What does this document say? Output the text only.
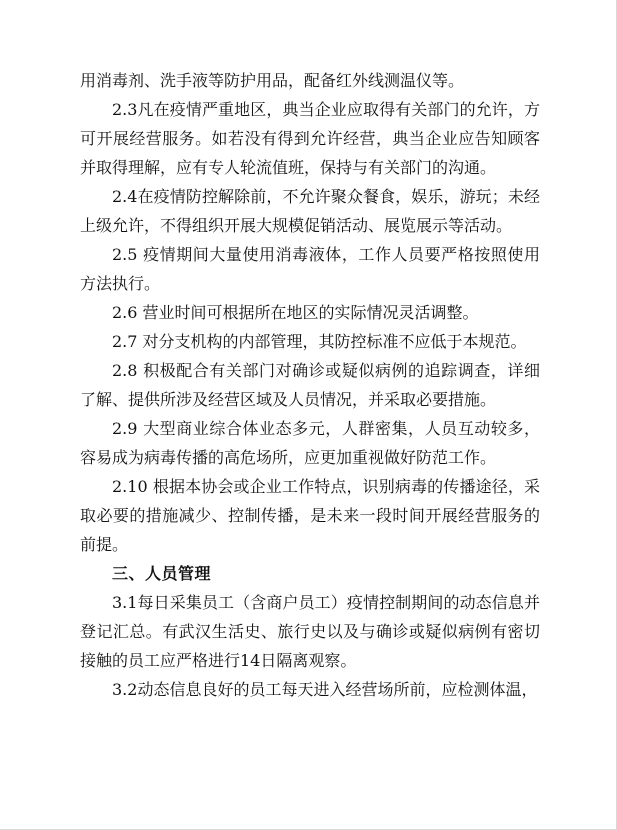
用消毒剂、洗手液等防护用品，配备红外线测温仪等。

2.3凡在疫情严重地区，典当企业应取得有关部门的允许，方可开展经营服务。如若没有得到允许经营，典当企业应告知顾客并取得理解，应有专人轮流值班，保持与有关部门的沟通。

2.4在疫情防控解除前，不允许聚众餐食，娱乐，游玩；未经上级允许，不得组织开展大规模促销活动、展览展示等活动。

2.5 疫情期间大量使用消毒液体，工作人员要严格按照使用方法执行。

2.6 营业时间可根据所在地区的实际情况灵活调整。

2.7 对分支机构的内部管理，其防控标准不应低于本规范。

2.8 积极配合有关部门对确诊或疑似病例的追踪调查，详细了解、提供所涉及经营区域及人员情况，并采取必要措施。

2.9 大型商业综合体业态多元，人群密集，人员互动较多，容易成为病毒传播的高危场所，应更加重视做好防范工作。

2.10 根据本协会或企业工作特点，识别病毒的传播途径，采取必要的措施减少、控制传播，是未来一段时间开展经营服务的前提。

三、人员管理

3.1每日采集员工（含商户员工）疫情控制期间的动态信息并登记汇总。有武汉生活史、旅行史以及与确诊或疑似病例有密切接触的员工应严格进行14日隔离观察。

3.2动态信息良好的员工每天进入经营场所前，应检测体温，
